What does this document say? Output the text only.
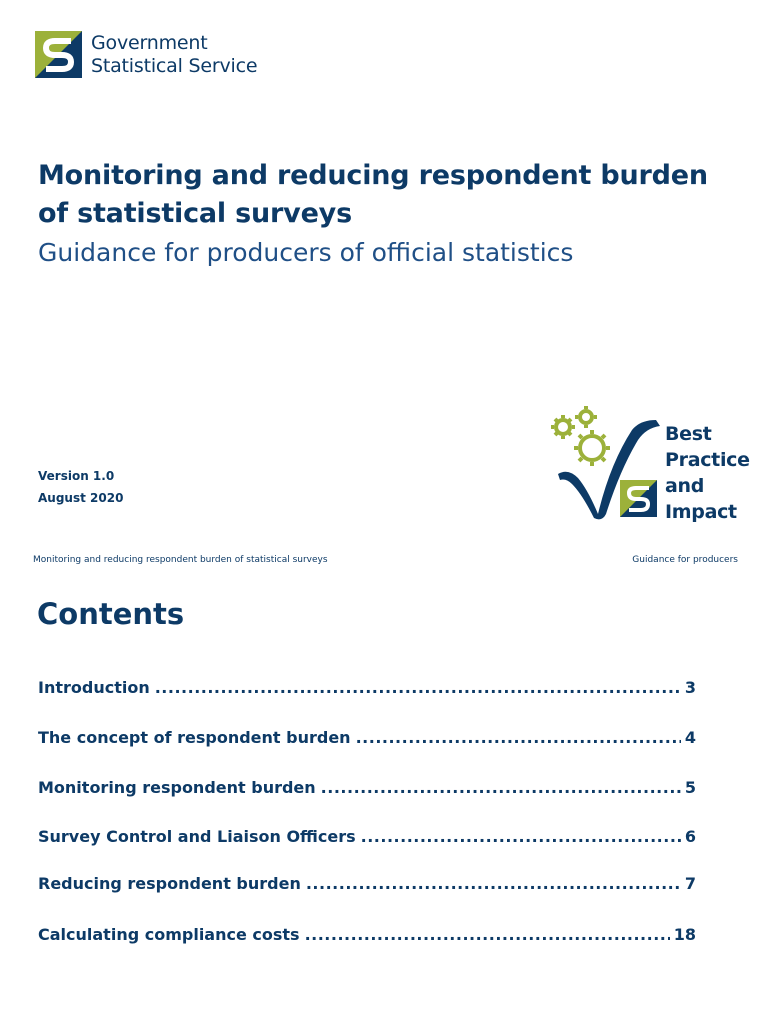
Government
Statistical Service
Monitoring and reducing respondent burden of statistical surveys
Guidance for producers of official statistics
Version 1.0
August 2020
Best
Practice
and
Impact
Monitoring and reducing respondent burden of statistical surveys	Guidance for producers
Contents
Introduction .....	3
The concept of respondent burden .....	4
Monitoring respondent burden .....	5
Survey Control and Liaison Officers .....	6
Reducing respondent burden .....	7
Calculating compliance costs .....	18
